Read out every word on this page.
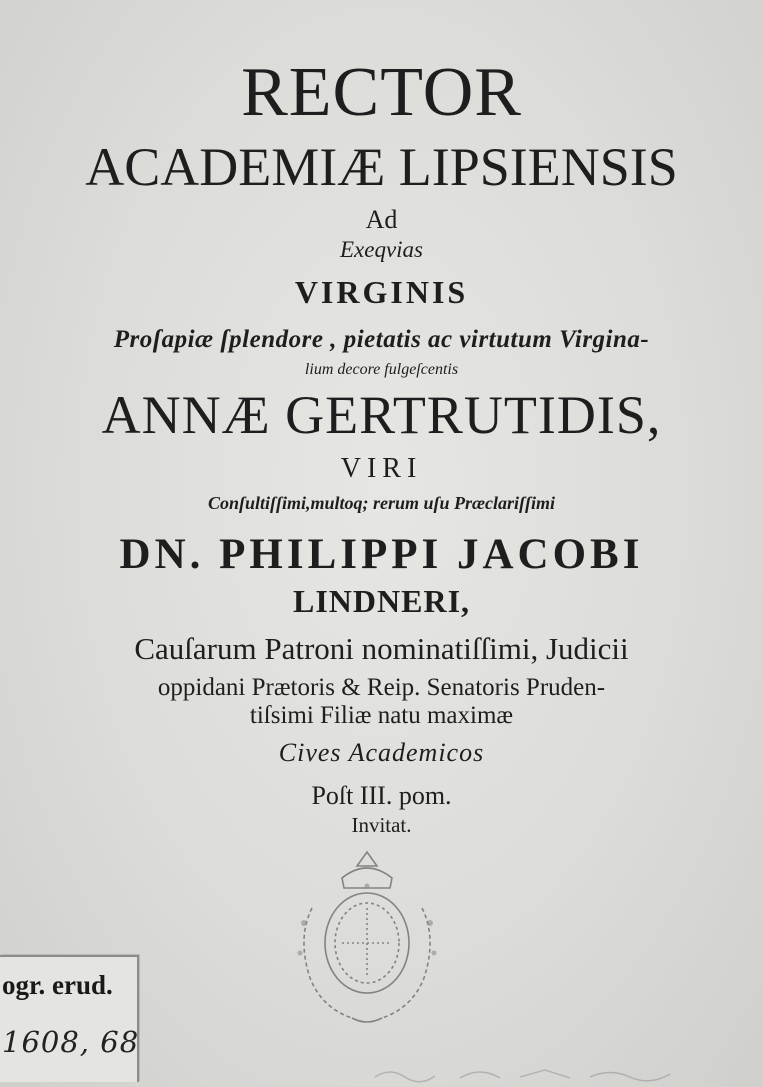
RECTOR
ACADEMIÆ LIPSIENSIS
Ad
Exeqvias
VIRGINIS
Proſapiæ ſplendore , pietatis ac virtutum Virgina-
lium decore fulgeſcentis
ANNÆ GERTRUTIDIS,
VIRI
Conſultiſſimi,multoq; rerum uſu Præclariſſimi
DN. PHILIPPI JACOBI
LINDNERI,
Cauſarum Patroni nominatiſſimi, Judicii
oppidani Prætoris & Reip. Senatoris Pruden-
tiſsimi Filiæ natu maximæ
Cives Academicos
Poſt III. pom.
Invitat.
ogr. erud.
1608, 68
